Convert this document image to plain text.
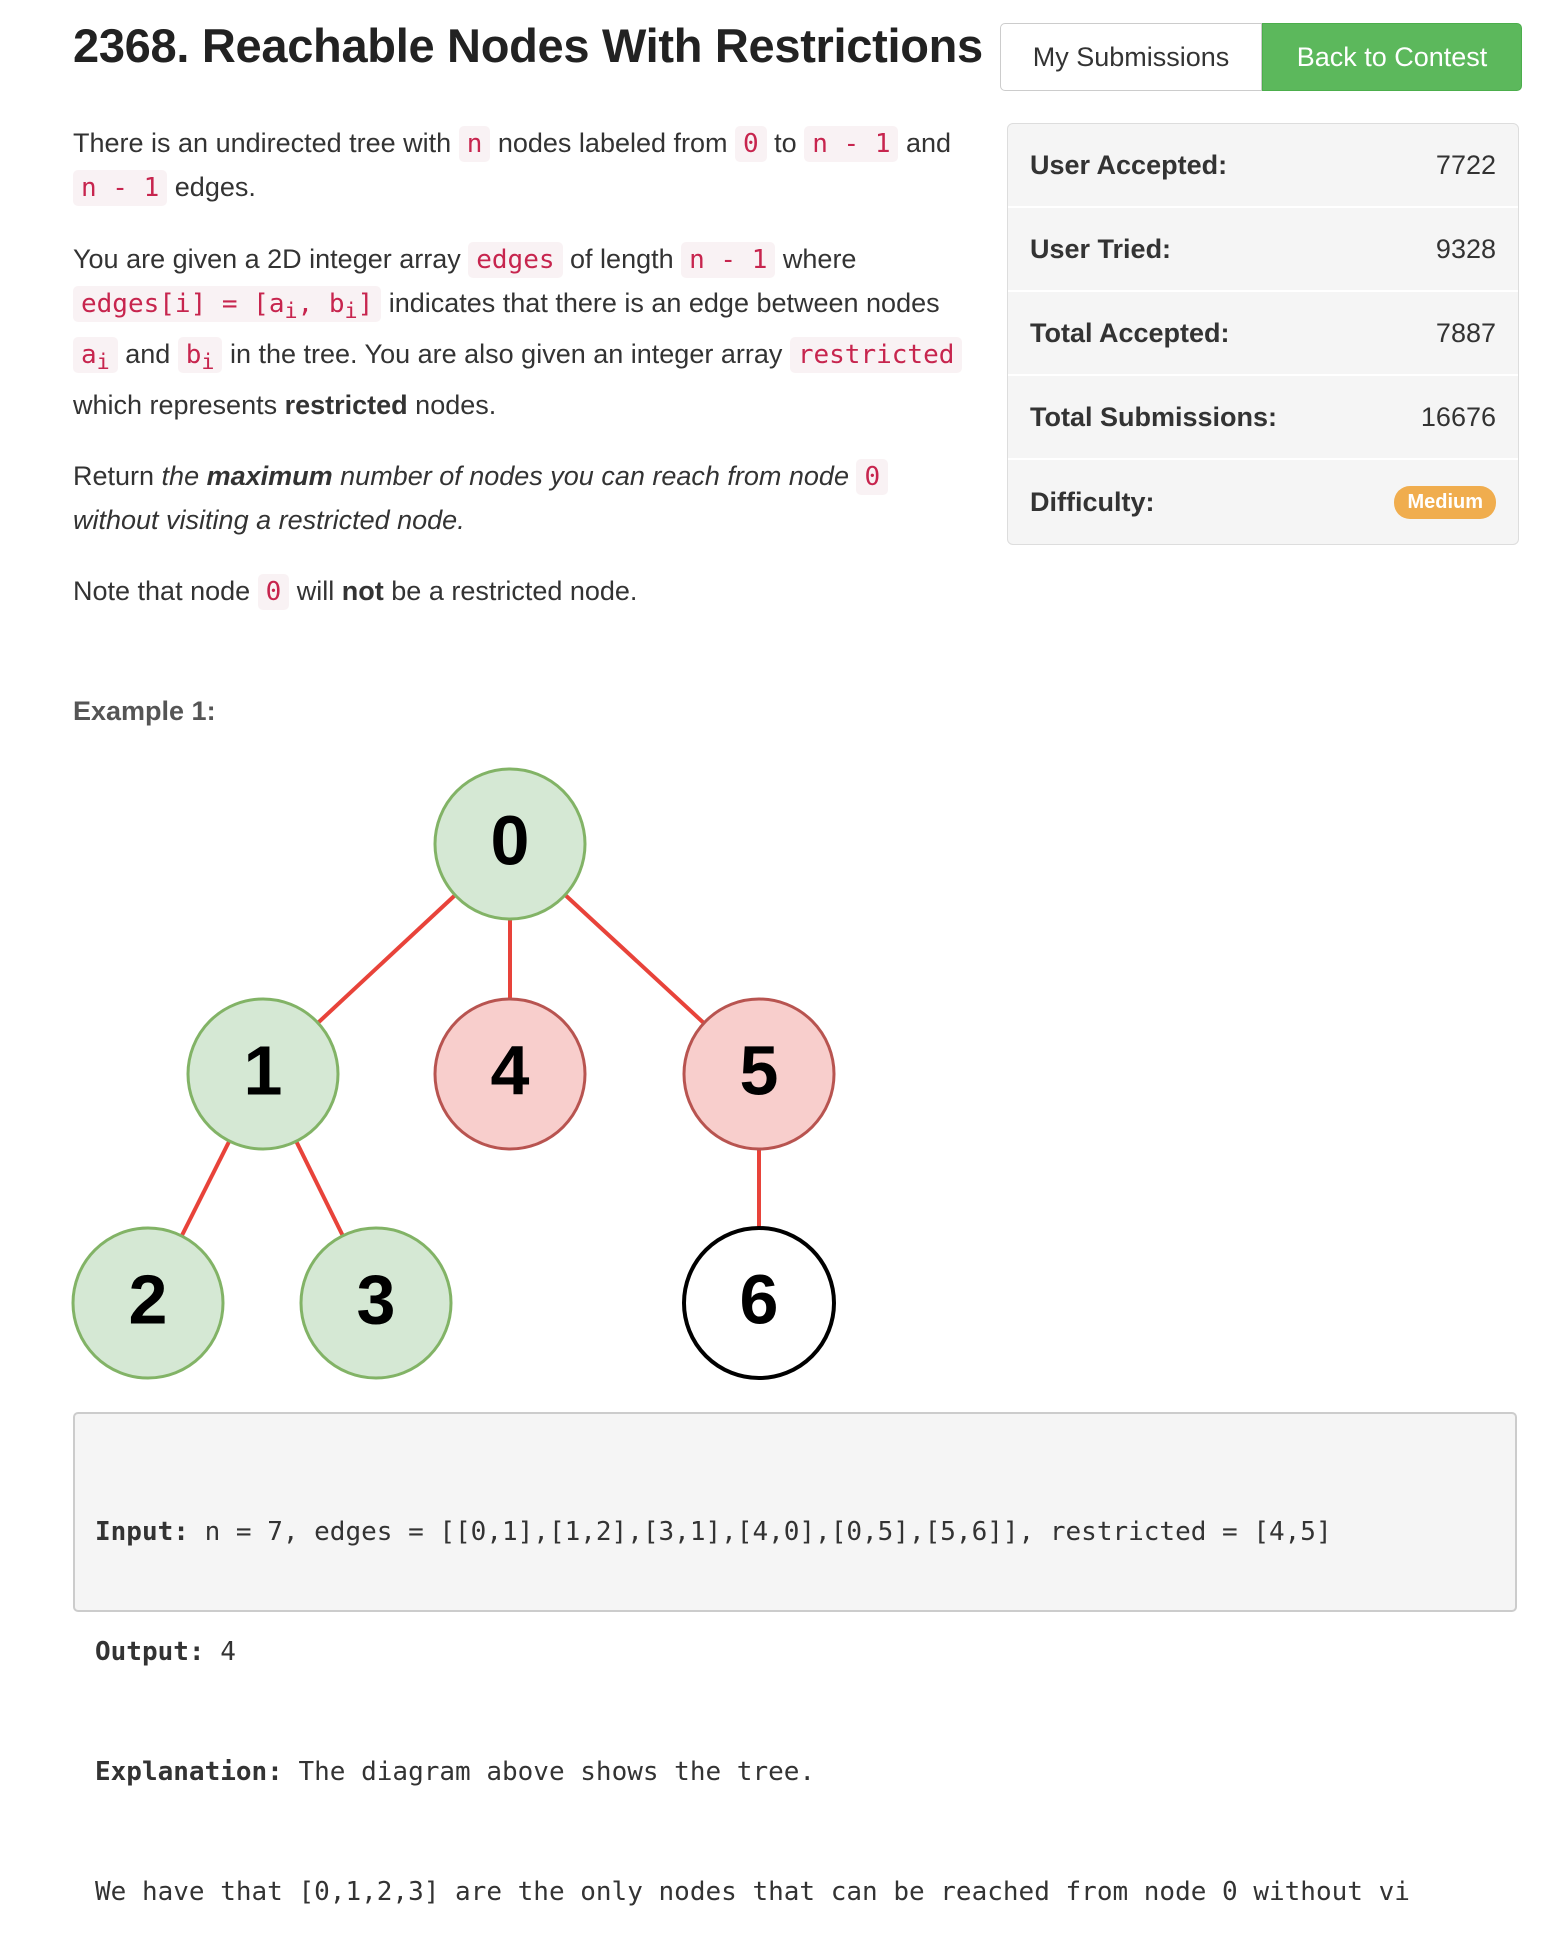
2368. Reachable Nodes With Restrictions	My Submissions	Back to Contest

There is an undirected tree with n nodes labeled from 0 to n - 1 and n - 1 edges.

You are given a 2D integer array edges of length n - 1 where edges[i] = [$a_i$, $b_i$] indicates that there is an edge between nodes $a_i$ and $b_i$ in the tree. You are also given an integer array restricted which represents restricted nodes.

Return the maximum number of nodes you can reach from node 0 without visiting a restricted node.

Note that node 0 will not be a restricted node.

User Accepted:	7722
User Tried:	9328
Total Accepted:	7887
Total Submissions:	16676
Difficulty:	Medium
Example 1:
0
1	4	5
2	3	6

Input: n = 7, edges = [[0,1],[1,2],[3,1],[4,0],[0,5],[5,6]], restricted = [4,5]

Output: 4

Explanation: The diagram above shows the tree.

We have that [0,1,2,3] are the only nodes that can be reached from node 0 without vi
